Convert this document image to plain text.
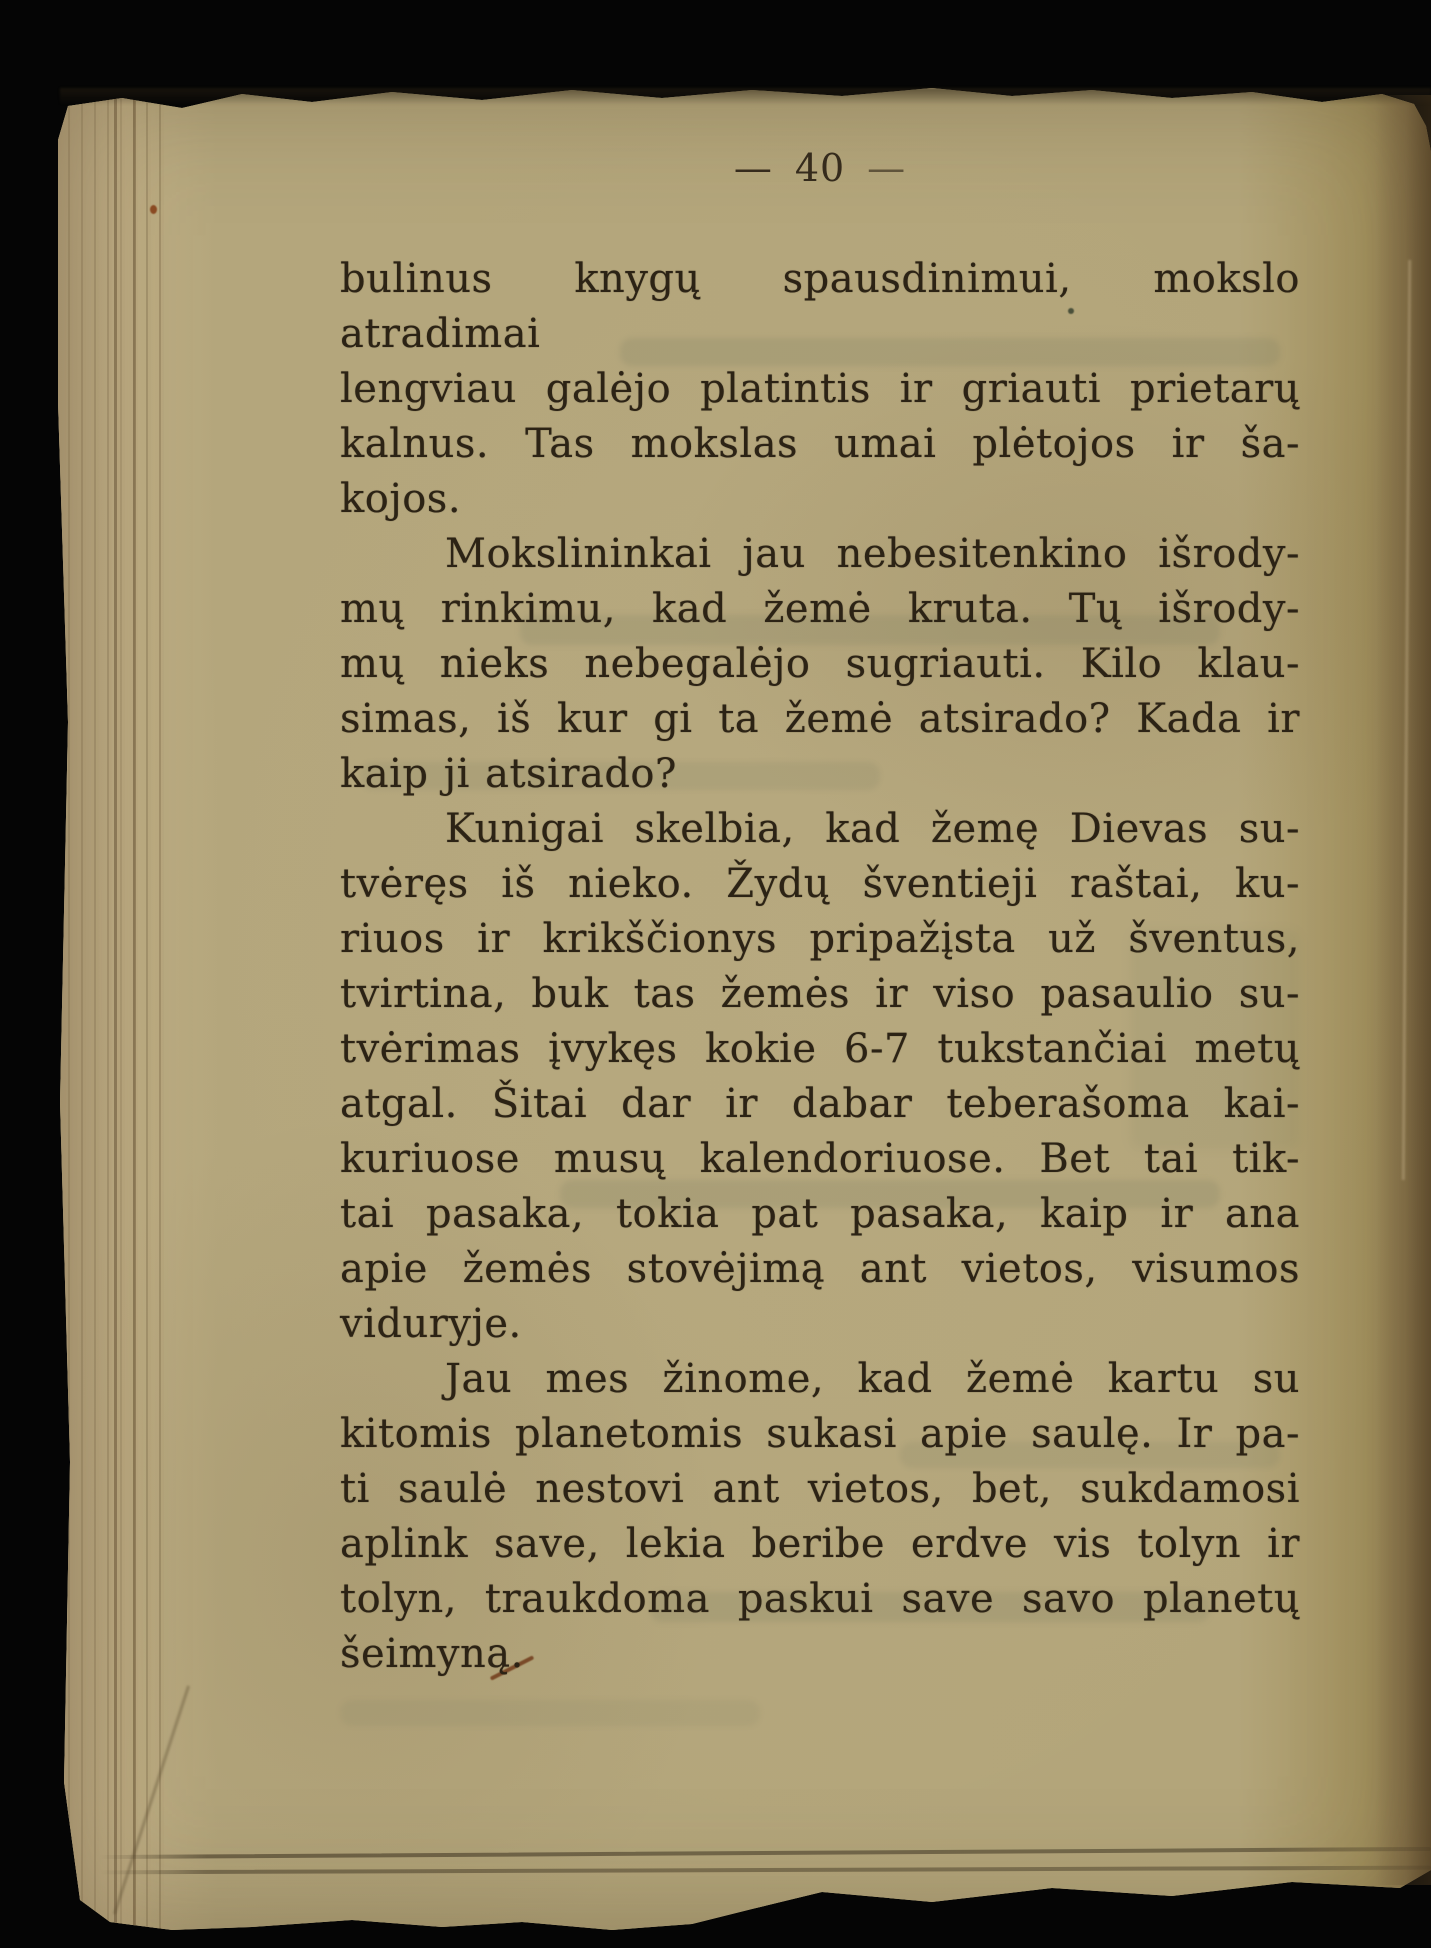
— 40 —
bulinus knygų spausdinimui, mokslo atradimai
lengviau galėjo platintis ir griauti prietarų
kalnus. Tas mokslas umai plėtojos ir ša-
kojos.
Mokslininkai jau nebesitenkino išrody-
mų rinkimu, kad žemė kruta. Tų išrody-
mų nieks nebegalėjo sugriauti. Kilo klau-
simas, iš kur gi ta žemė atsirado? Kada ir
kaip ji atsirado?
Kunigai skelbia, kad žemę Dievas su-
tvėręs iš nieko. Žydų šventieji raštai, ku-
riuos ir krikščionys pripažįsta už šventus,
tvirtina, buk tas žemės ir viso pasaulio su-
tvėrimas įvykęs kokie 6-7 tukstančiai metų
atgal. Šitai dar ir dabar teberašoma kai-
kuriuose musų kalendoriuose. Bet tai tik-
tai pasaka, tokia pat pasaka, kaip ir ana
apie žemės stovėjimą ant vietos, visumos
viduryje.
Jau mes žinome, kad žemė kartu su
kitomis planetomis sukasi apie saulę. Ir pa-
ti saulė nestovi ant vietos, bet, sukdamosi
aplink save, lekia beribe erdve vis tolyn ir
tolyn, traukdoma paskui save savo planetų
šeimyną.
